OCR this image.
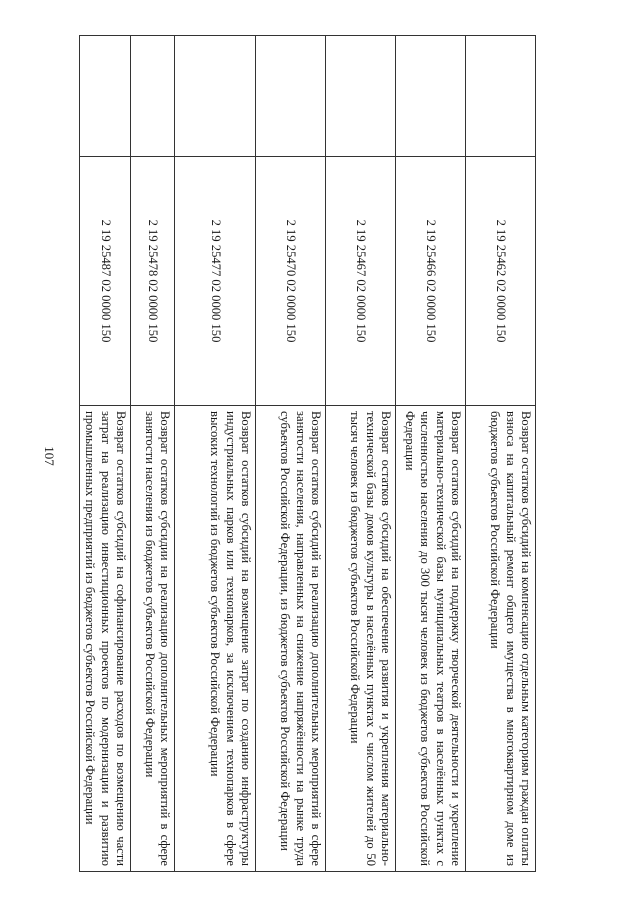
107
	2 19 25462 02 0000 150	Возврат остатков субсидий на компенсацию отдельным категориям граждан оплаты взноса на капитальный ремонт общего имущества в многоквартирном доме из бюджетов субъектов Российской Федерации
	2 19 25466 02 0000 150	Возврат остатков субсидий на поддержку творческой деятельности и укрепление материально-технической базы муниципальных театров в населённых пунктах с численностью населения до 300 тысяч человек из бюджетов субъектов Российской Федерации
	2 19 25467 02 0000 150	Возврат остатков субсидий на обеспечение развития и укрепления материально-технической базы домов культуры в населённых пунктах с числом жителей до 50 тысяч человек из бюджетов субъектов Российской Федерации
	2 19 25470 02 0000 150	Возврат остатков субсидий на реализацию дополнительных мероприятий в сфере занятости населения, направленных на снижение напряжённости на рынке труда субъектов Российской Федерации, из бюджетов субъектов Российской Федерации
	2 19 25477 02 0000 150	Возврат остатков субсидий на возмещение затрат по созданию инфраструктуры индустриальных парков или технопарков, за исключением технопарков в сфере высоких технологий из бюджетов субъектов Российской Федерации
	2 19 25478 02 0000 150	Возврат остатков субсидии на реализацию дополнительных мероприятий в сфере занятости населения из бюджетов субъектов Российской Федерации
	2 19 25487 02 0000 150	Возврат остатков субсидий на софинансирование расходов по возмещению части затрат на реализацию инвестиционных проектов по модернизации и развитию промышленных предприятий из бюджетов субъектов Российской Федерации
